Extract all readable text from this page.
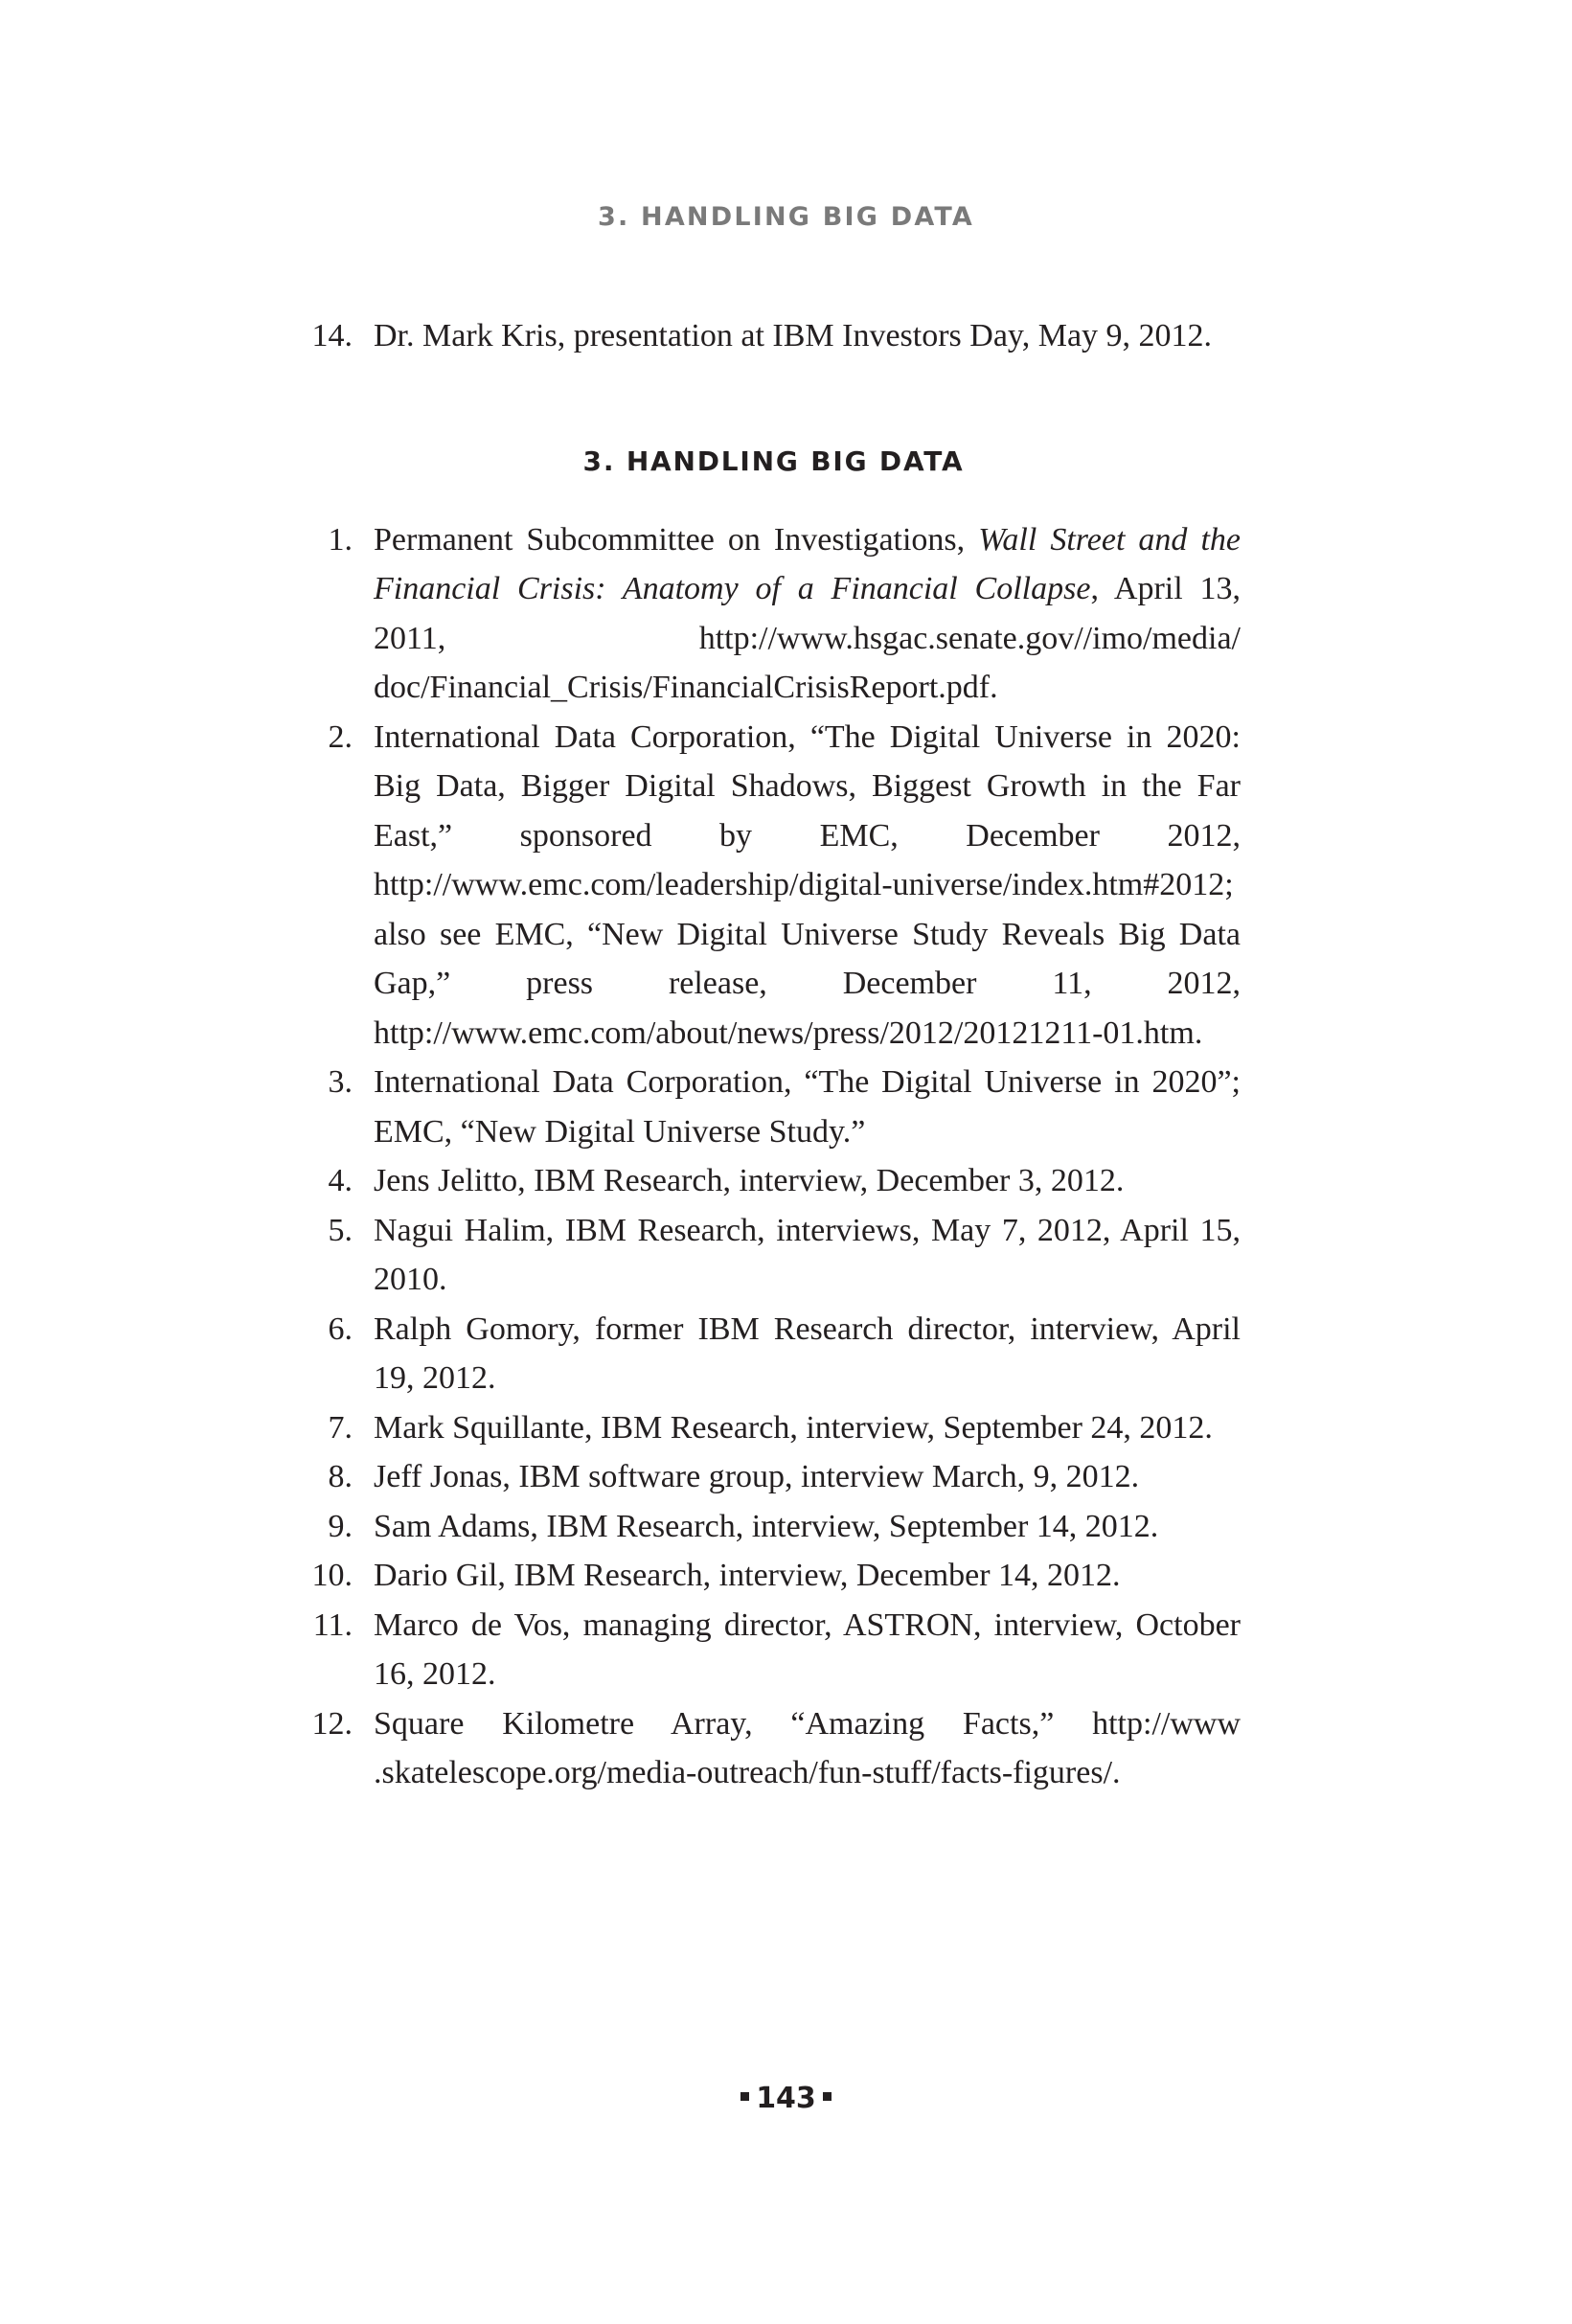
3. HANDLING BIG DATA
14. Dr. Mark Kris, presentation at IBM Investors Day, May 9, 2012.
3. HANDLING BIG DATA
1. Permanent Subcommittee on Investigations, Wall Street and the Financial Crisis: Anatomy of a Financial Collapse, April 13, 2011, http://www.hsgac.senate.gov//imo/media/​doc/Financial_Crisis/FinancialCrisisReport.pdf.
2. International Data Corporation, “The Digital Universe in 2020: Big Data, Bigger Digital Shadows, Biggest Growth in the Far East,” sponsored by EMC, December 2012, http://www.emc.com/leadership/digital-universe/index​.htm#2012; also see EMC, “New Digital Universe Study Reveals Big Data Gap,” press release, December 11, 2012, http://www.emc.com/about/news/press/2012/20121211-01​.htm.
3. International Data Corporation, “The Digital Universe in 2020”; EMC, “New Digital Universe Study.”
4. Jens Jelitto, IBM Research, interview, December 3, 2012.
5. Nagui Halim, IBM Research, interviews, May 7, 2012, April 15, 2010.
6. Ralph Gomory, former IBM Research director, interview, April 19, 2012.
7. Mark Squillante, IBM Research, interview, September 24, 2012.
8. Jeff Jonas, IBM software group, interview March, 9, 2012.
9. Sam Adams, IBM Research, interview, September 14, 2012.
10. Dario Gil, IBM Research, interview, December 14, 2012.
11. Marco de Vos, managing director, ASTRON, interview, October 16, 2012.
12. Square Kilometre Array, “Amazing Facts,” http://www​.skatelescope.org/media-outreach/fun-stuff/facts-figures/.
143
